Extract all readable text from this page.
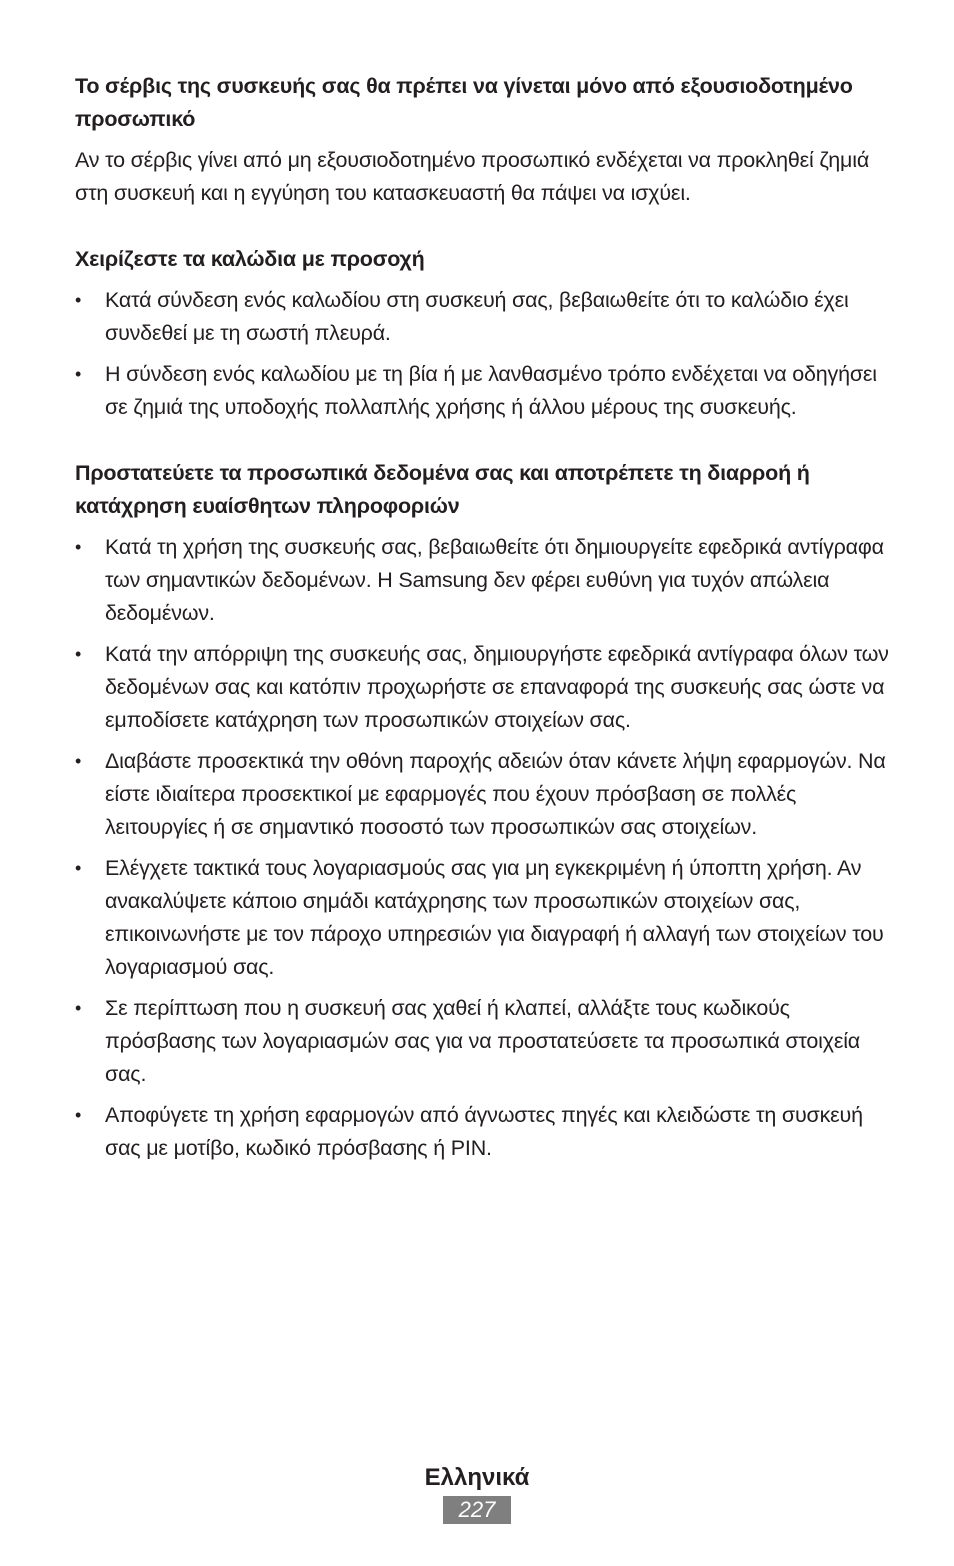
Το σέρβις της συσκευής σας θα πρέπει να γίνεται μόνο από εξουσιοδοτημένο προσωπικό

Αν το σέρβις γίνει από μη εξουσιοδοτημένο προσωπικό ενδέχεται να προκληθεί ζημιά στη συσκευή και η εγγύηση του κατασκευαστή θα πάψει να ισχύει.

Χειρίζεστε τα καλώδια με προσοχή
•	Κατά σύνδεση ενός καλωδίου στη συσκευή σας, βεβαιωθείτε ότι το καλώδιο έχει συνδεθεί με τη σωστή πλευρά.
•	Η σύνδεση ενός καλωδίου με τη βία ή με λανθασμένο τρόπο ενδέχεται να οδηγήσει σε ζημιά της υποδοχής πολλαπλής χρήσης ή άλλου μέρους της συσκευής.
Προστατεύετε τα προσωπικά δεδομένα σας και αποτρέπετε τη διαρροή ή κατάχρηση ευαίσθητων πληροφοριών
•	Κατά τη χρήση της συσκευής σας, βεβαιωθείτε ότι δημιουργείτε εφεδρικά αντίγραφα των σημαντικών δεδομένων. Η Samsung δεν φέρει ευθύνη για τυχόν απώλεια δεδομένων.
•	Κατά την απόρριψη της συσκευής σας, δημιουργήστε εφεδρικά αντίγραφα όλων των δεδομένων σας και κατόπιν προχωρήστε σε επαναφορά της συσκευής σας ώστε να εμποδίσετε κατάχρηση των προσωπικών στοιχείων σας.
•	Διαβάστε προσεκτικά την οθόνη παροχής αδειών όταν κάνετε λήψη εφαρμογών. Να είστε ιδιαίτερα προσεκτικοί με εφαρμογές που έχουν πρόσβαση σε πολλές λειτουργίες ή σε σημαντικό ποσοστό των προσωπικών σας στοιχείων.
•	Ελέγχετε τακτικά τους λογαριασμούς σας για μη εγκεκριμένη ή ύποπτη χρήση. Αν ανακαλύψετε κάποιο σημάδι κατάχρησης των προσωπικών στοιχείων σας, επικοινωνήστε με τον πάροχο υπηρεσιών για διαγραφή ή αλλαγή των στοιχείων του λογαριασμού σας.
•	Σε περίπτωση που η συσκευή σας χαθεί ή κλαπεί, αλλάξτε τους κωδικούς πρόσβασης των λογαριασμών σας για να προστατεύσετε τα προσωπικά στοιχεία σας.
•	Αποφύγετε τη χρήση εφαρμογών από άγνωστες πηγές και κλειδώστε τη συσκευή σας με μοτίβο, κωδικό πρόσβασης ή PIN.
Ελληνικά
227
